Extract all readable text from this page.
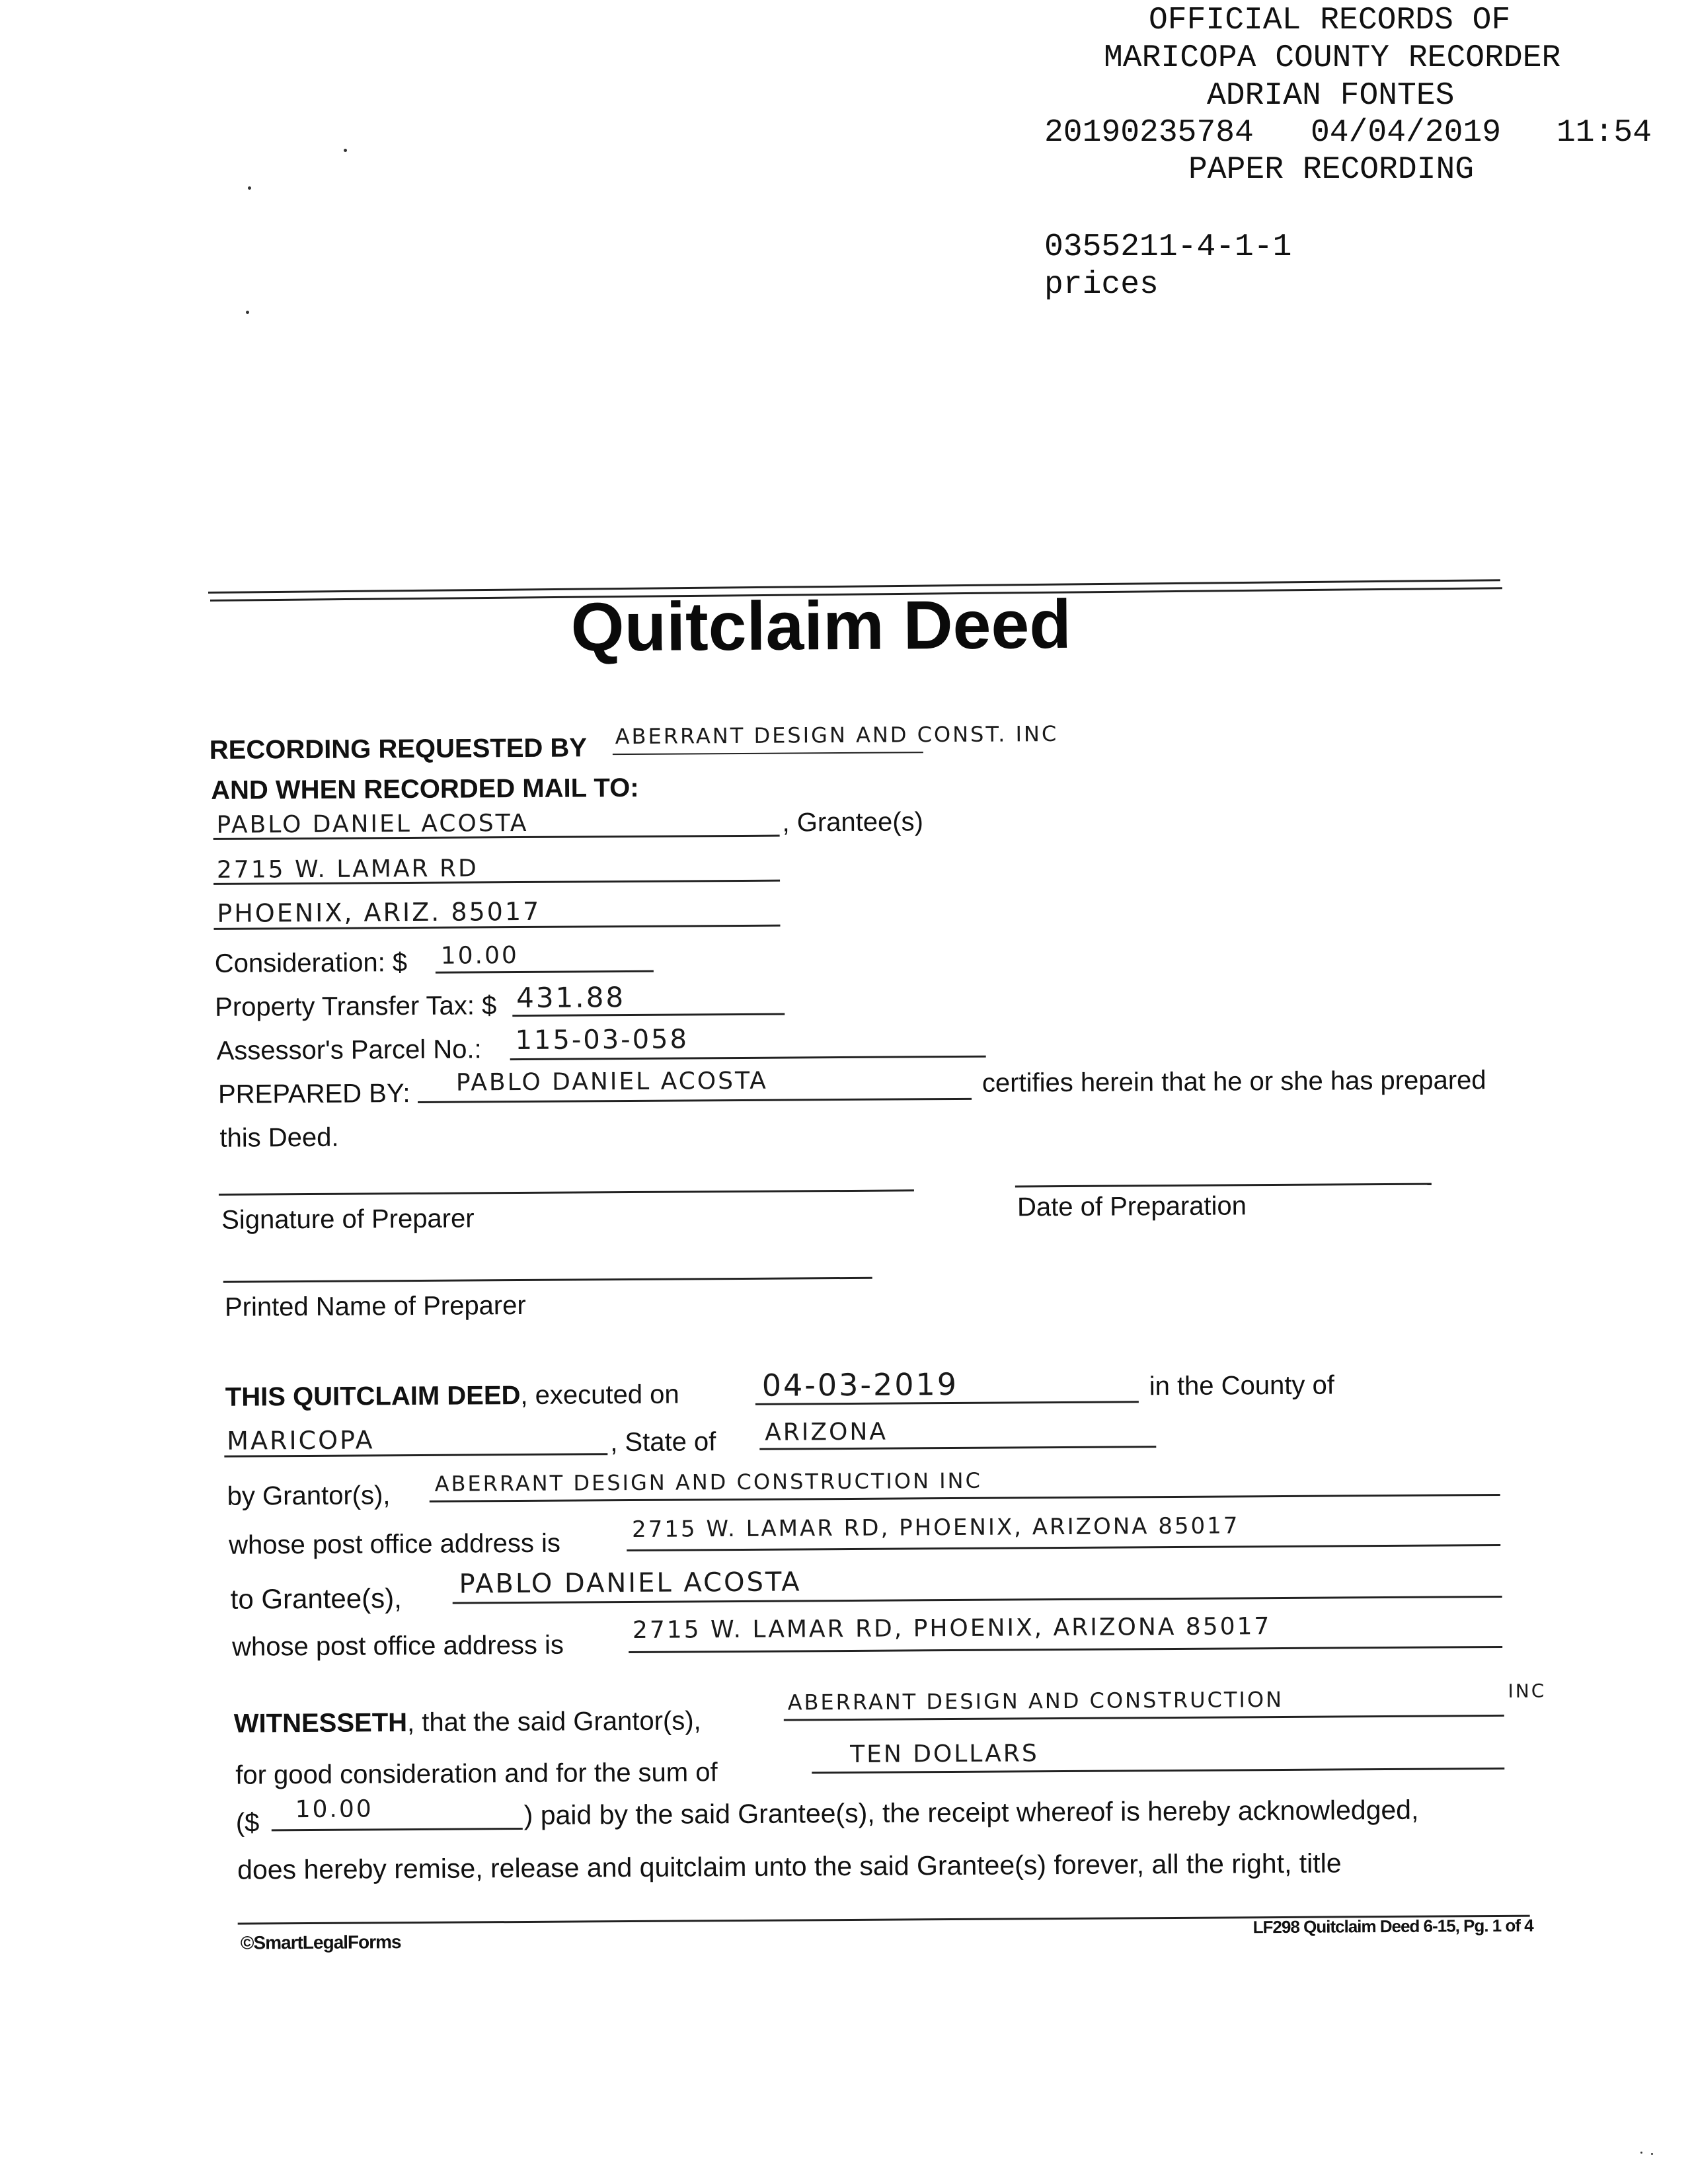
OFFICIAL RECORDS OF
MARICOPA COUNTY RECORDER
ADRIAN FONTES
20190235784 04/04/2019 11:54
PAPER RECORDING
0355211-4-1-1
prices
Quitclaim Deed
RECORDING REQUESTED BY ABERRANT DESIGN AND CONST. INC
AND WHEN RECORDED MAIL TO:
PABLO DANIEL ACOSTA	, Grantee(s)
2715 W. LAMAR RD
PHOENIX, ARIZ. 85017
Consideration: $ 10.00
Property Transfer Tax: $ 431.88
Assessor's Parcel No.: 115-03-058
PREPARED BY: PABLO DANIEL ACOSTA	certifies herein that he or she has prepared
this Deed.
Signature of Preparer	Date of Preparation
Printed Name of Preparer
THIS QUITCLAIM DEED, executed on	04-03-2019	in the County of
MARICOPA	, State of ARIZONA
by Grantor(s), ABERRANT DESIGN AND CONSTRUCTION INC
whose post office address is
2715 W. LAMAR RD, PHOENIX, ARIZONA 85017
to Grantee(s), PABLO DANIEL ACOSTA
whose post office address is
2715 W. LAMAR RD, PHOENIX, ARIZONA 85017
WITNESSETH, that the said Grantor(s),
ABERRANT DESIGN AND CONSTRUCTION	INC
for good consideration and for the sum of
TEN DOLLARS
($ 10.00	) paid by the said Grantee(s), the receipt whereof is hereby acknowledged,
does hereby remise, release and quitclaim unto the said Grantee(s) forever, all the right, title
©SmartLegalForms
LF298 Quitclaim Deed 6-15, Pg. 1 of 4
